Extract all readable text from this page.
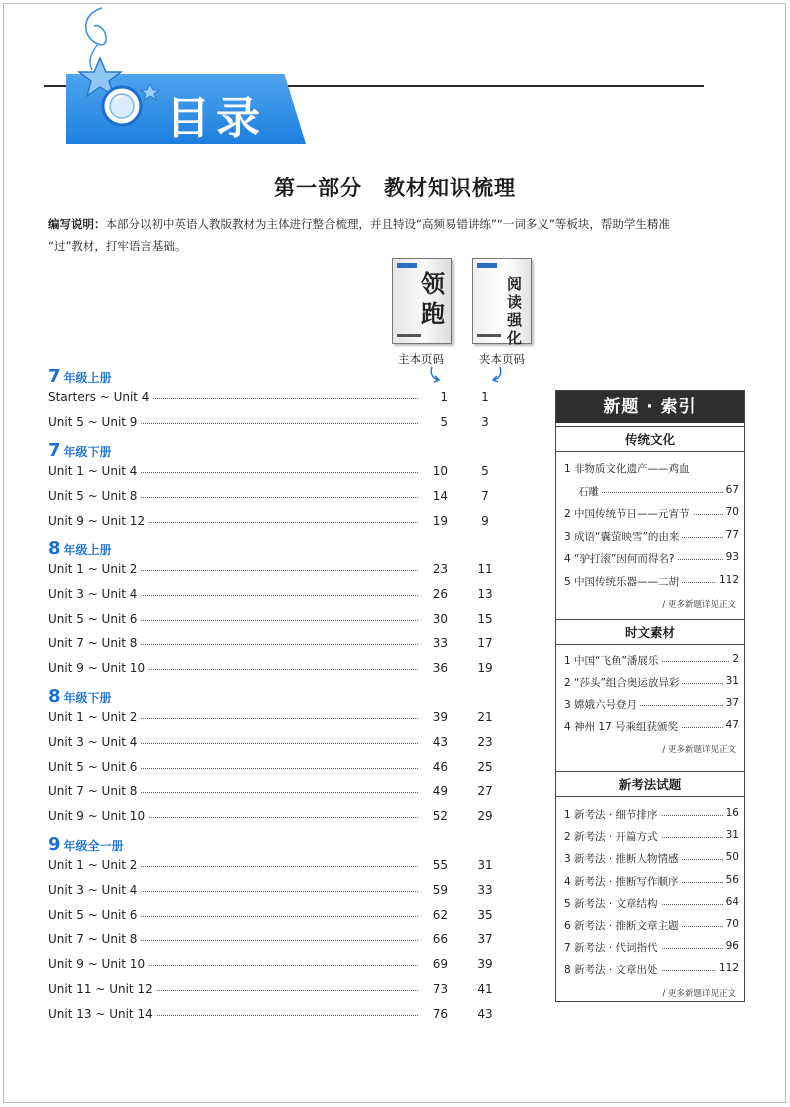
目录
第一部分　教材知识梳理
编写说明：本部分以初中英语人教版教材为主体进行整合梳理，并且特设“高频易错讲练”“一词多义”等板块，帮助学生精准
“过”教材，打牢语言基础。
领跑
阅读强化
主本页码	夹本页码
7 年级上册
Starters ~ Unit 4	1	1
Unit 5 ~ Unit 9	5	3
7 年级下册
Unit 1 ~ Unit 4	10	5
Unit 5 ~ Unit 8	14	7
Unit 9 ~ Unit 12	19	9
8 年级上册
Unit 1 ~ Unit 2	23	11
Unit 3 ~ Unit 4	26	13
Unit 5 ~ Unit 6	30	15
Unit 7 ~ Unit 8	33	17
Unit 9 ~ Unit 10	36	19
8 年级下册
Unit 1 ~ Unit 2	39	21
Unit 3 ~ Unit 4	43	23
Unit 5 ~ Unit 6	46	25
Unit 7 ~ Unit 8	49	27
Unit 9 ~ Unit 10	52	29
9 年级全一册
Unit 1 ~ Unit 2	55	31
Unit 3 ~ Unit 4	59	33
Unit 5 ~ Unit 6	62	35
Unit 7 ~ Unit 8	66	37
Unit 9 ~ Unit 10	69	39
Unit 11 ~ Unit 12	73	41
Unit 13 ~ Unit 14	76	43
新题 · 索引
传统文化
1 非物质文化遗产——鸡血
石雕	67
2 中国传统节日——元宵节	70
3 成语“囊萤映雪”的由来	77
4 “驴打滚”因何而得名?	93
5 中国传统乐器——二胡	112
/ 更多新题详见正文
时文素材
1 中国“飞鱼”潘展乐	2
2 “莎头”组合奥运放异彩	31
3 嫦娥六号登月	37
4 神州 17 号乘组获颁奖	47
/ 更多新题详见正文
新考法试题
1 新考法 · 细节排序	16
2 新考法 · 开篇方式	31
3 新考法 · 推断人物情感	50
4 新考法 · 推断写作顺序	56
5 新考法 · 文章结构	64
6 新考法 · 推断文章主题	70
7 新考法 · 代词指代	96
8 新考法 · 文章出处	112
/ 更多新题详见正文
